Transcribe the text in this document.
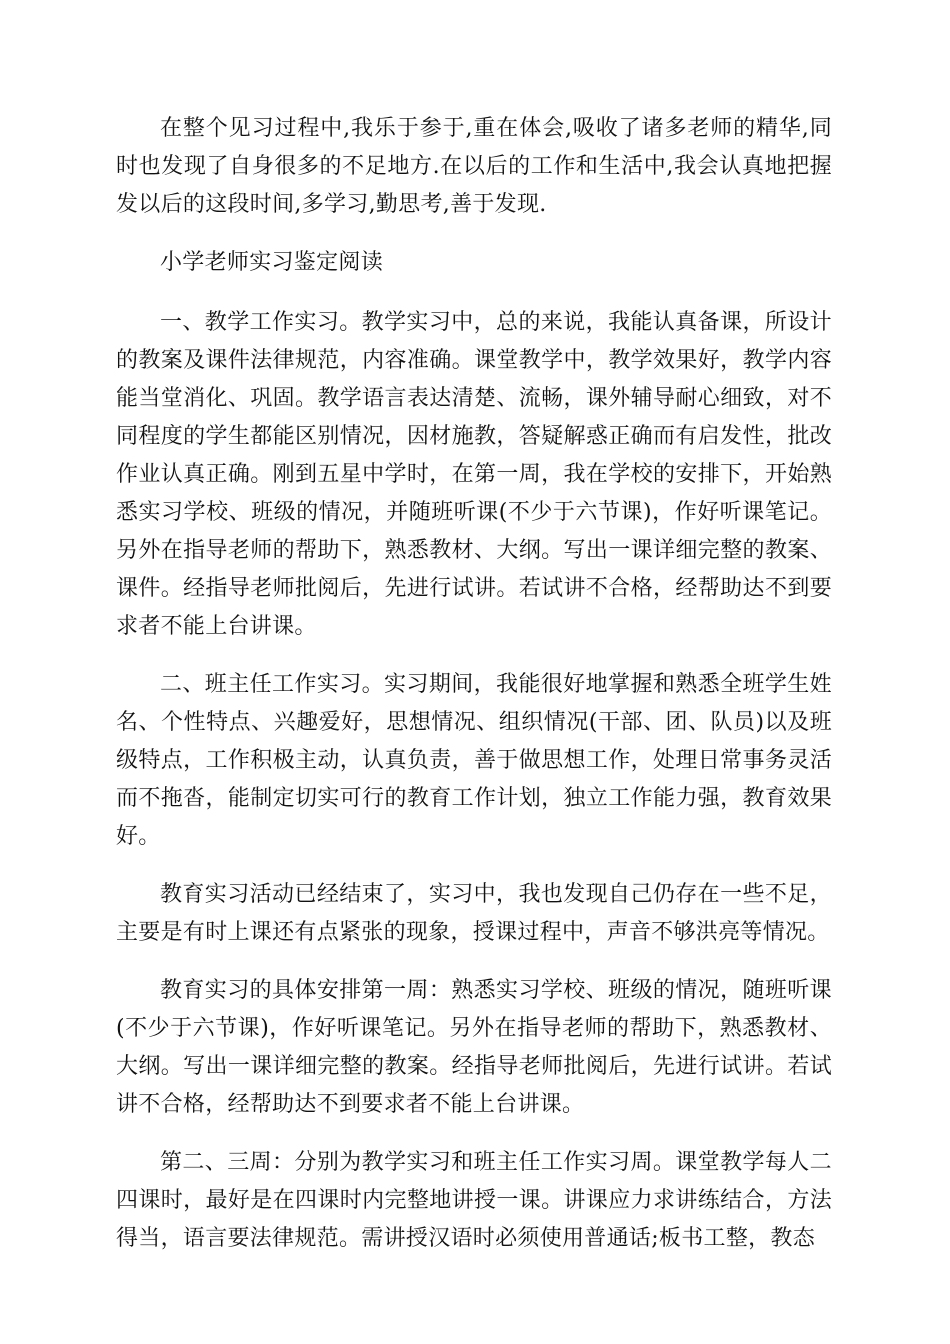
在整个见习过程中,我乐于参于,重在体会,吸收了诸多老师的精华,同时也发现了自身很多的不足地方.在以后的工作和生活中,我会认真地把握发以后的这段时间,多学习,勤思考,善于发现.

小学老师实习鉴定阅读

一、教学工作实习。教学实习中，总的来说，我能认真备课，所设计的教案及课件法律规范，内容准确。课堂教学中，教学效果好，教学内容能当堂消化、巩固。教学语言表达清楚、流畅，课外辅导耐心细致，对不同程度的学生都能区别情况，因材施教，答疑解惑正确而有启发性，批改作业认真正确。刚到五星中学时，在第一周，我在学校的安排下，开始熟悉实习学校、班级的情况，并随班听课(不少于六节课)，作好听课笔记。另外在指导老师的帮助下，熟悉教材、大纲。写出一课详细完整的教案、课件。经指导老师批阅后，先进行试讲。若试讲不合格，经帮助达不到要求者不能上台讲课。

二、班主任工作实习。实习期间，我能很好地掌握和熟悉全班学生姓名、个性特点、兴趣爱好，思想情况、组织情况(干部、团、队员)以及班级特点，工作积极主动，认真负责，善于做思想工作，处理日常事务灵活而不拖沓，能制定切实可行的教育工作计划，独立工作能力强，教育效果好。

教育实习活动已经结束了，实习中，我也发现自己仍存在一些不足，主要是有时上课还有点紧张的现象，授课过程中，声音不够洪亮等情况。

教育实习的具体安排第一周：熟悉实习学校、班级的情况，随班听课(不少于六节课)，作好听课笔记。另外在指导老师的帮助下，熟悉教材、大纲。写出一课详细完整的教案。经指导老师批阅后，先进行试讲。若试讲不合格，经帮助达不到要求者不能上台讲课。

第二、三周：分别为教学实习和班主任工作实习周。课堂教学每人二四课时，最好是在四课时内完整地讲授一课。讲课应力求讲练结合，方法得当，语言要法律规范。需讲授汉语时必须使用普通话;板书工整，教态
